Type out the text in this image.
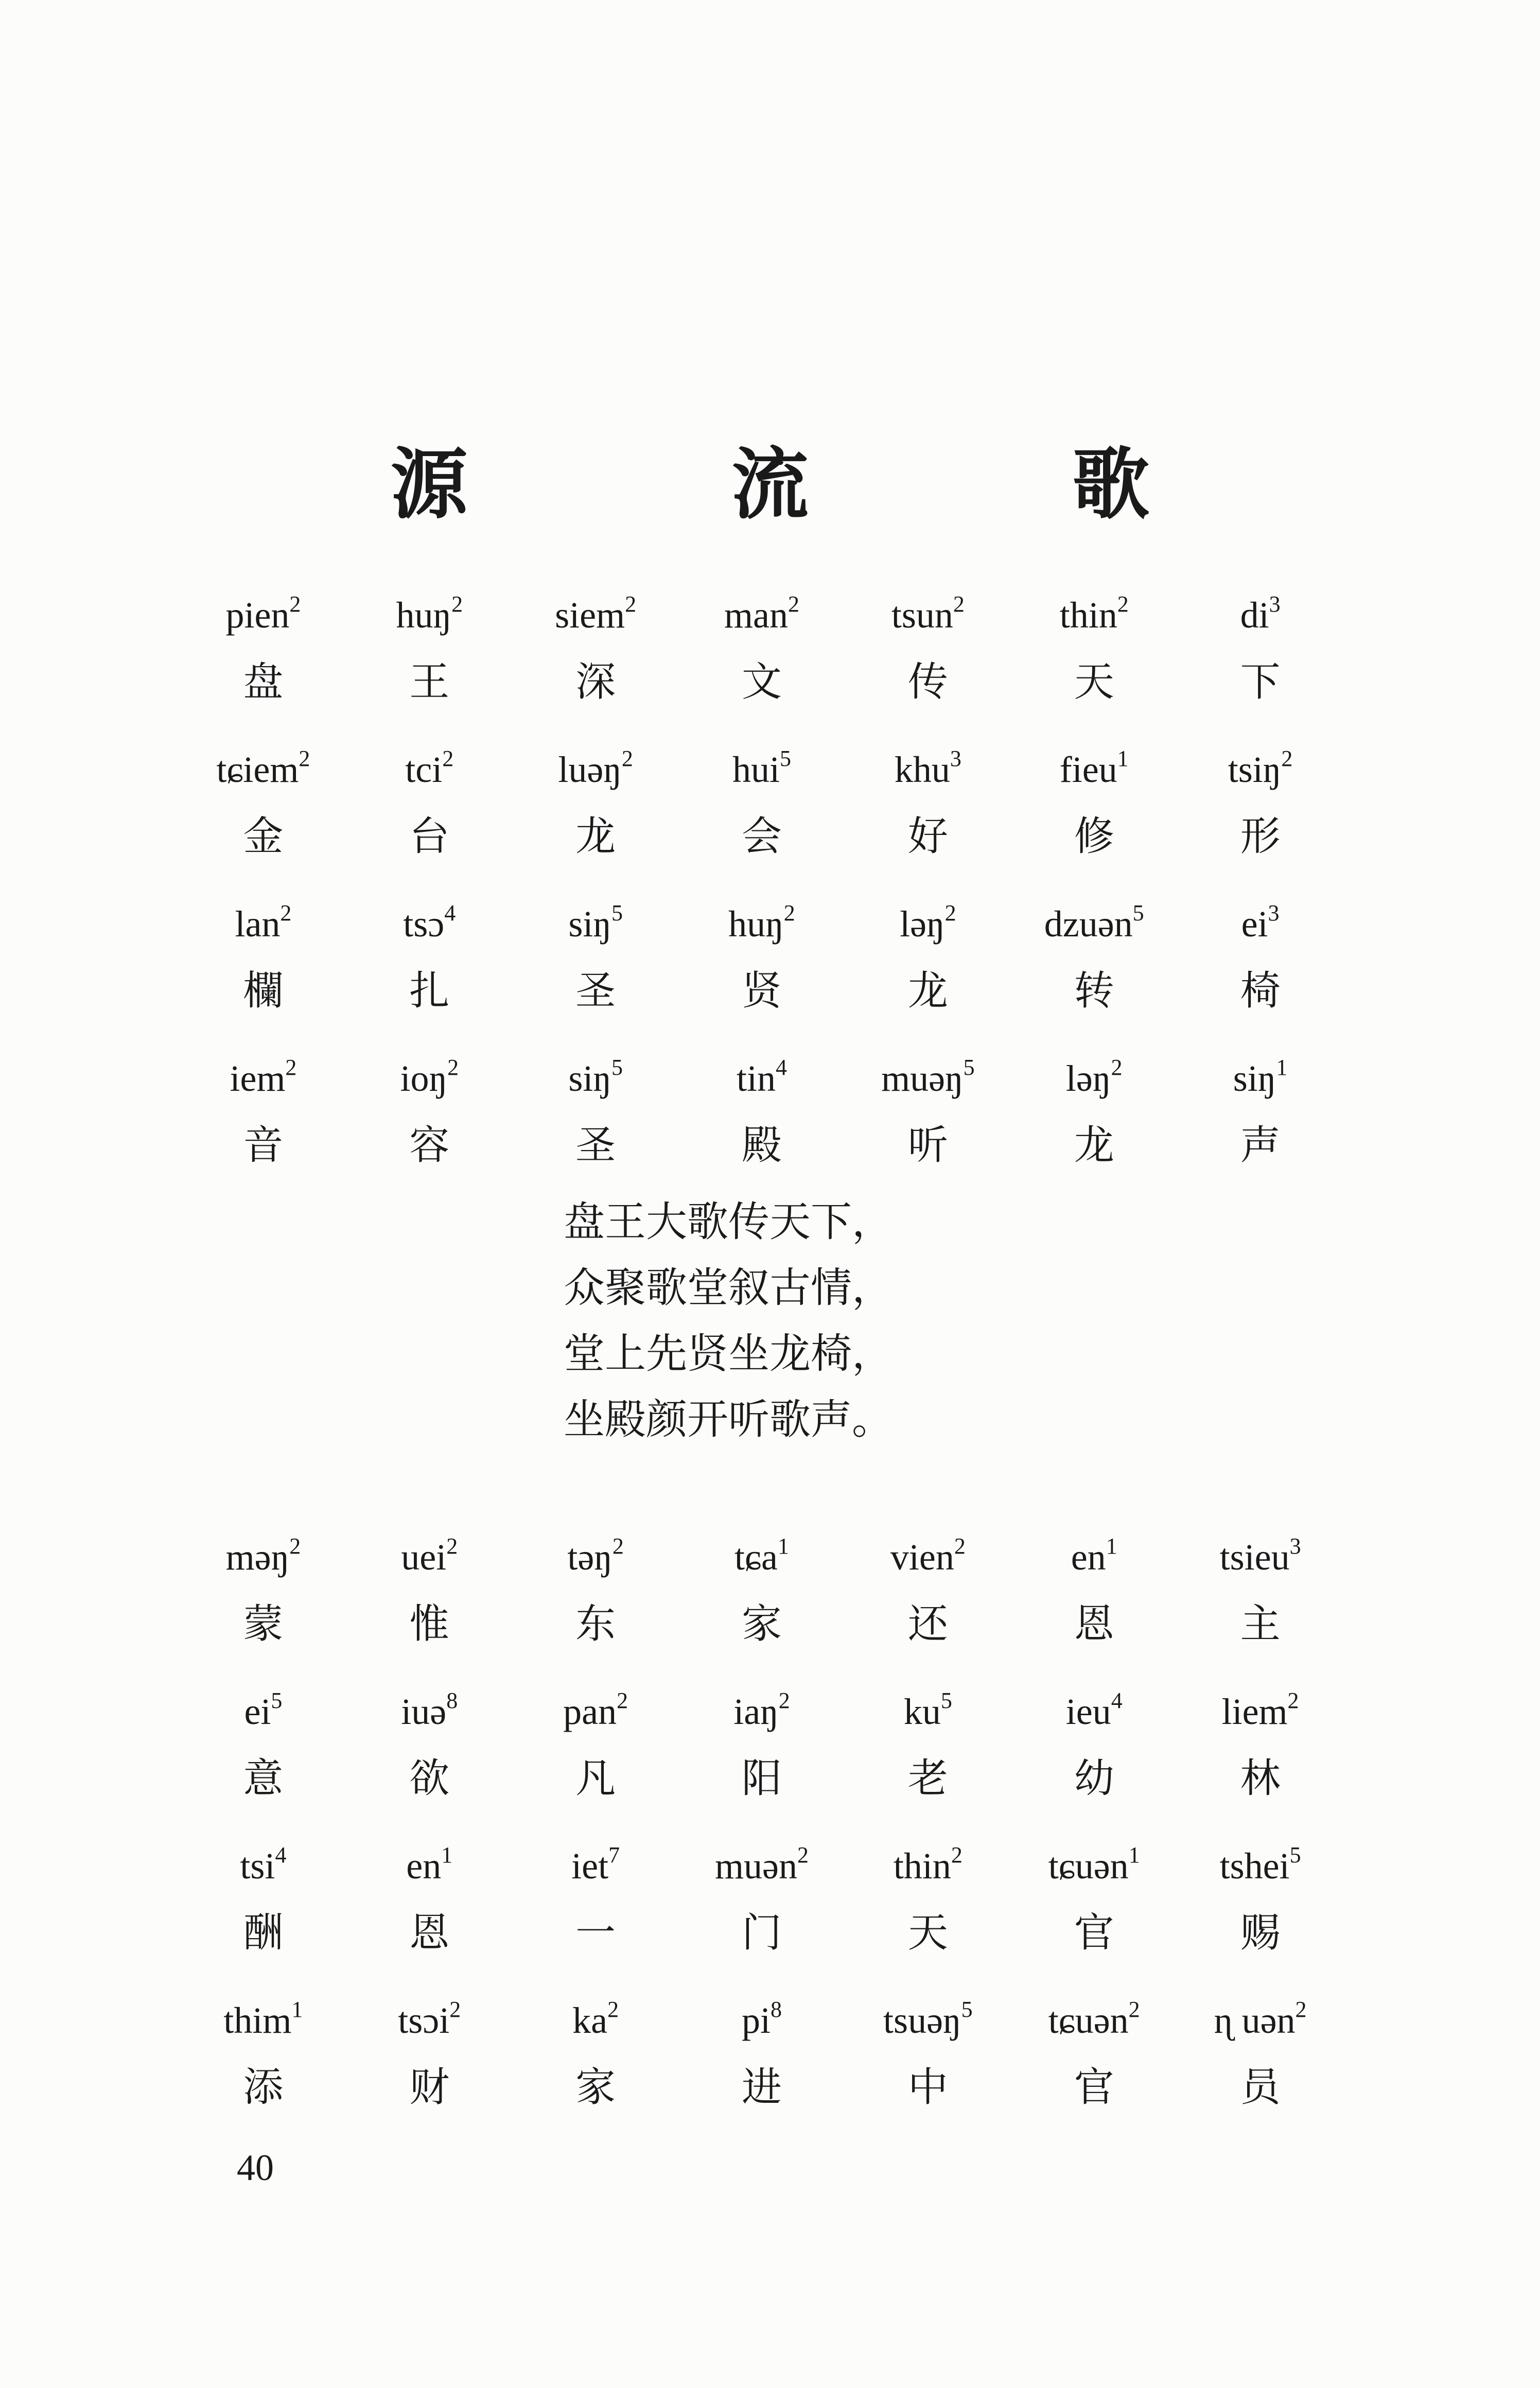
源 流 歌
pien$^2$
盘
huŋ$^2$
王
siem$^2$
深
man$^2$
文
tsun$^2$
传
thin$^2$
天
$di^3$
下
tɕiem$^2$
金
tci$^2$
台
luəŋ$^2$
龙
hui$^5$
会
khu$^3$
好
fieu$^1$
修
tsiŋ$^2$
形
lan$^2$
欄
tsɔ$^4$
扎
siŋ$^5$
圣
huŋ$^2$
贤
ləŋ$^2$
龙
dzuən$^5$
转
$ei^3$
椅
iem$^2$
音
ioŋ$^2$
容
siŋ$^5$
圣
tin$^4$
殿
muəŋ$^5$
听
ləŋ$^2$
龙
siŋ$^1$
声
盘王大歌传天下，
众聚歌堂叙古情，
堂上先贤坐龙椅，
坐殿颜开听歌声。
məŋ$^2$
蒙
uei$^2$
惟
təŋ$^2$
东
tɕa$^1$
家
vien$^2$
还
$en^1$
恩
tsieu$^3$
主
$ei^5$
意
iuə$^8$
欲
pan$^2$
凡
iaŋ$^2$
阳
$ku^5$
老
ieu$^4$
幼
liem$^2$
林
tsi$^4$
酬
$en^1$
恩
iet$^7$
一
muən$^2$
门
thin$^2$
天
tɕuən$^1$
官
tshei$^5$
赐
thim$^1$
添
tsɔi$^2$
财
$ka^2$
家
$pi^8$
进
tsuəŋ$^5$
中
tɕuən$^2$
官
ɳ uən$^2$
员
40
